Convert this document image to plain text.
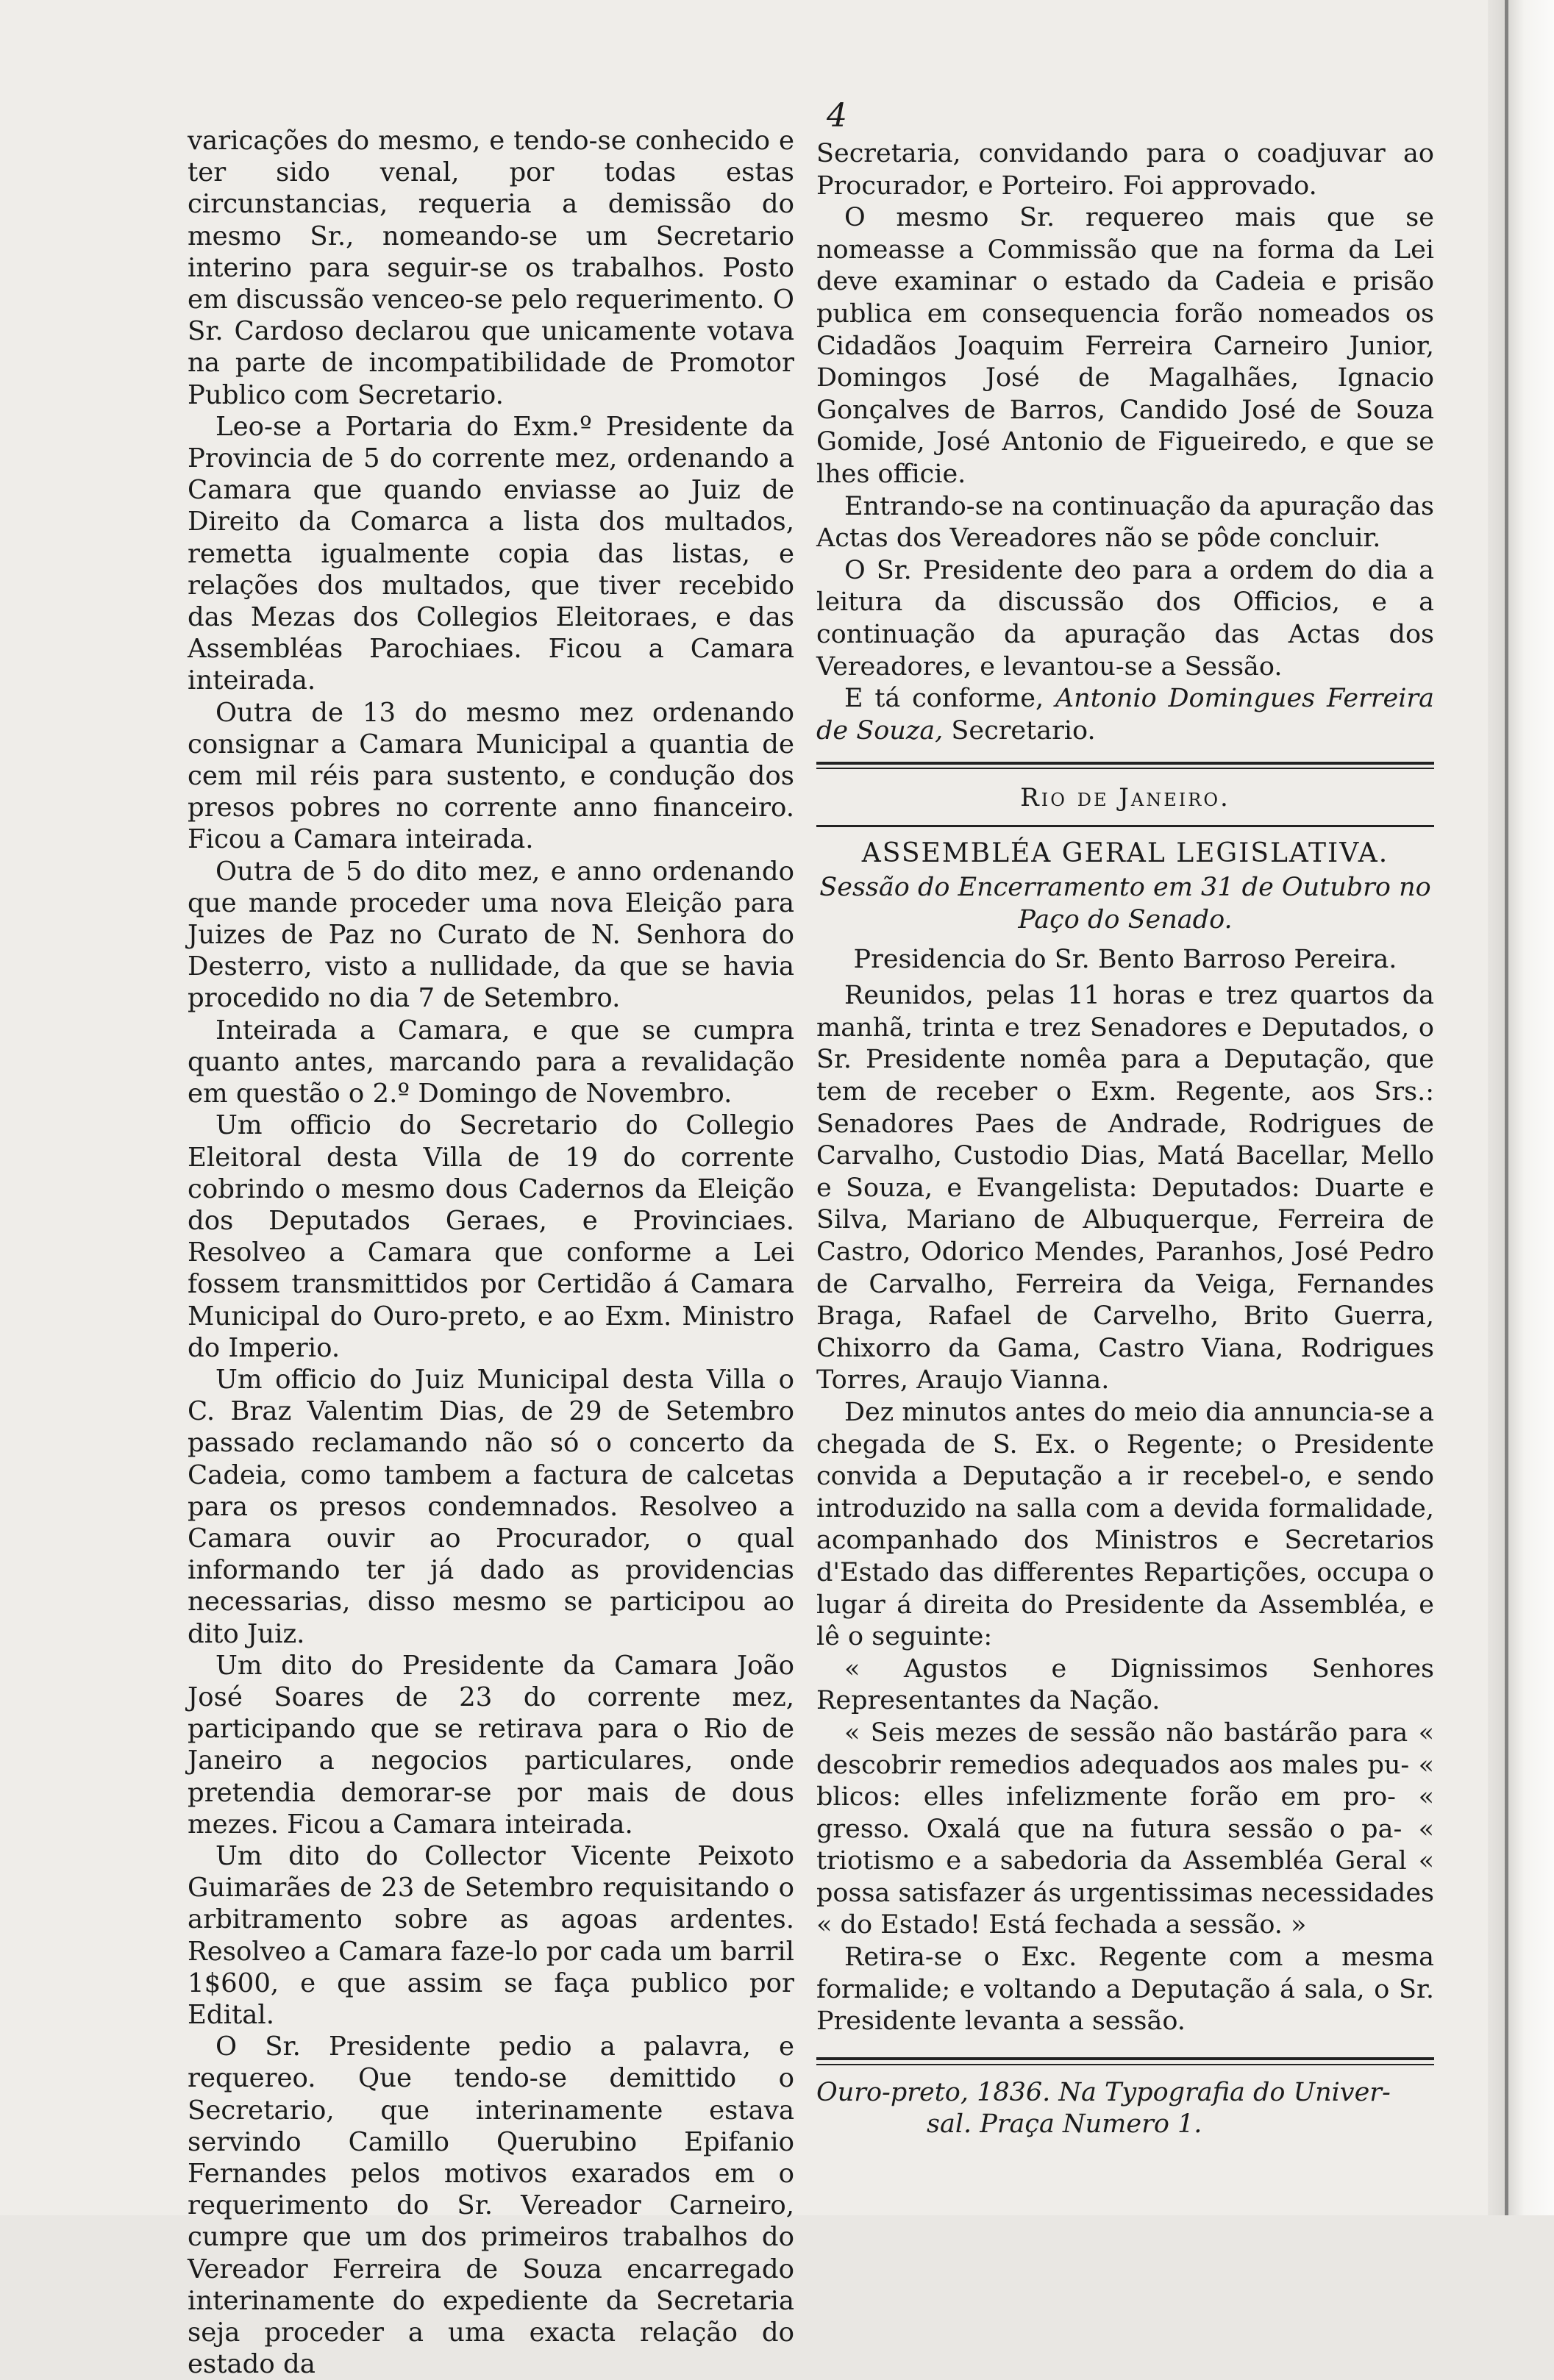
4

varicações do mesmo, e tendo-se conhecido e ter sido venal, por todas estas circunstancias, requeria a demissão do mesmo Sr., nomeando-se um Secretario interino para seguir-se os trabalhos. Posto em discussão venceo-se pelo requerimento. O Sr. Cardoso declarou que unicamente votava na parte de incompatibilidade de Promotor Publico com Secretario.

Leo-se a Portaria do Exm.º Presidente da Provincia de 5 do corrente mez, ordenando a Camara que quando enviasse ao Juiz de Direito da Comarca a lista dos multados, remetta igualmente copia das listas, e relações dos multados, que tiver recebido das Mezas dos Collegios Eleitoraes, e das Assembléas Parochiaes. Ficou a Camara inteirada.

Outra de 13 do mesmo mez ordenando consignar a Camara Municipal a quantia de cem mil réis para sustento, e condução dos presos pobres no corrente anno financeiro. Ficou a Camara inteirada.

Outra de 5 do dito mez, e anno ordenando que mande proceder uma nova Eleição para Juizes de Paz no Curato de N. Senhora do Desterro, visto a nullidade, da que se havia procedido no dia 7 de Setembro.

Inteirada a Camara, e que se cumpra quanto antes, marcando para a revalidação em questão o 2.º Domingo de Novembro.

Um officio do Secretario do Collegio Eleitoral desta Villa de 19 do corrente cobrindo o mesmo dous Cadernos da Eleição dos Deputados Geraes, e Provinciaes. Resolveo a Camara que conforme a Lei fossem transmittidos por Certidão á Camara Municipal do Ouro-preto, e ao Exm. Ministro do Imperio.

Um officio do Juiz Municipal desta Villa o C. Braz Valentim Dias, de 29 de Setembro passado reclamando não só o concerto da Cadeia, como tambem a factura de calcetas para os presos condemnados. Resolveo a Camara ouvir ao Procurador, o qual informando ter já dado as providencias necessarias, disso mesmo se participou ao dito Juiz.

Um dito do Presidente da Camara João José Soares de 23 do corrente mez, participando que se retirava para o Rio de Janeiro a negocios particulares, onde pretendia demorar-se por mais de dous mezes. Ficou a Camara inteirada.

Um dito do Collector Vicente Peixoto Guimarães de 23 de Setembro requisitando o arbitramento sobre as agoas ardentes. Resolveo a Camara faze-lo por cada um barril 1$600, e que assim se faça publico por Edital.

O Sr. Presidente pedio a palavra, e requereo. Que tendo-se demittido o Secretario, que interinamente estava servindo Camillo Querubino Epifanio Fernandes pelos motivos exarados em o requerimento do Sr. Vereador Carneiro, cumpre que um dos primeiros trabalhos do Vereador Ferreira de Souza encarregado interinamente do expediente da Secretaria seja proceder a uma exacta relação do estado da

Secretaria, convidando para o coadjuvar ao Procurador, e Porteiro. Foi approvado.

O mesmo Sr. requereo mais que se nomeasse a Commissão que na forma da Lei deve examinar o estado da Cadeia e prisão publica em consequencia forão nomeados os Cidadãos Joaquim Ferreira Carneiro Junior, Domingos José de Magalhães, Ignacio Gonçalves de Barros, Candido José de Souza Gomide, José Antonio de Figueiredo, e que se lhes officie.

Entrando-se na continuação da apuração das Actas dos Vereadores não se pôde concluir.

O Sr. Presidente deo para a ordem do dia a leitura da discussão dos Officios, e a continuação da apuração das Actas dos Vereadores, e levantou-se a Sessão.

E tá conforme, Antonio Domingues Ferreira de Souza, Secretario.

Rio de Janeiro.
ASSEMBLÉA GERAL LEGISLATIVA.
Sessão do Encerramento em 31 de Outubro no Paço do Senado.
Presidencia do Sr. Bento Barroso Pereira.

Reunidos, pelas 11 horas e trez quartos da manhã, trinta e trez Senadores e Deputados, o Sr. Presidente nomêa para a Deputação, que tem de receber o Exm. Regente, aos Srs.: Senadores Paes de Andrade, Rodrigues de Carvalho, Custodio Dias, Matá Bacellar, Mello e Souza, e Evangelista: Deputados: Duarte e Silva, Mariano de Albuquerque, Ferreira de Castro, Odorico Mendes, Paranhos, José Pedro de Carvalho, Ferreira da Veiga, Fernandes Braga, Rafael de Carvelho, Brito Guerra, Chixorro da Gama, Castro Viana, Rodrigues Torres, Araujo Vianna.

Dez minutos antes do meio dia annuncia-se a chegada de S. Ex. o Regente; o Presidente convida a Deputação a ir recebel-o, e sendo introduzido na salla com a devida formalidade, acompanhado dos Ministros e Secretarios d'Estado das differentes Repartições, occupa o lugar á direita do Presidente da Assembléa, e lê o seguinte:

« Agustos e Dignissimos Senhores Representantes da Nação.

« Seis mezes de sessão não bastárão para « descobrir remedios adequados aos males pu- « blicos: elles infelizmente forão em pro- « gresso. Oxalá que na futura sessão o pa- « triotismo e a sabedoria da Assembléa Geral « possa satisfazer ás urgentissimas necessidades « do Estado! Está fechada a sessão. »

Retira-se o Exc. Regente com a mesma formalide; e voltando a Deputação á sala, o Sr. Presidente levanta a sessão.

Ouro-preto, 1836. Na Typografia do Univer-
sal. Praça Numero 1.
